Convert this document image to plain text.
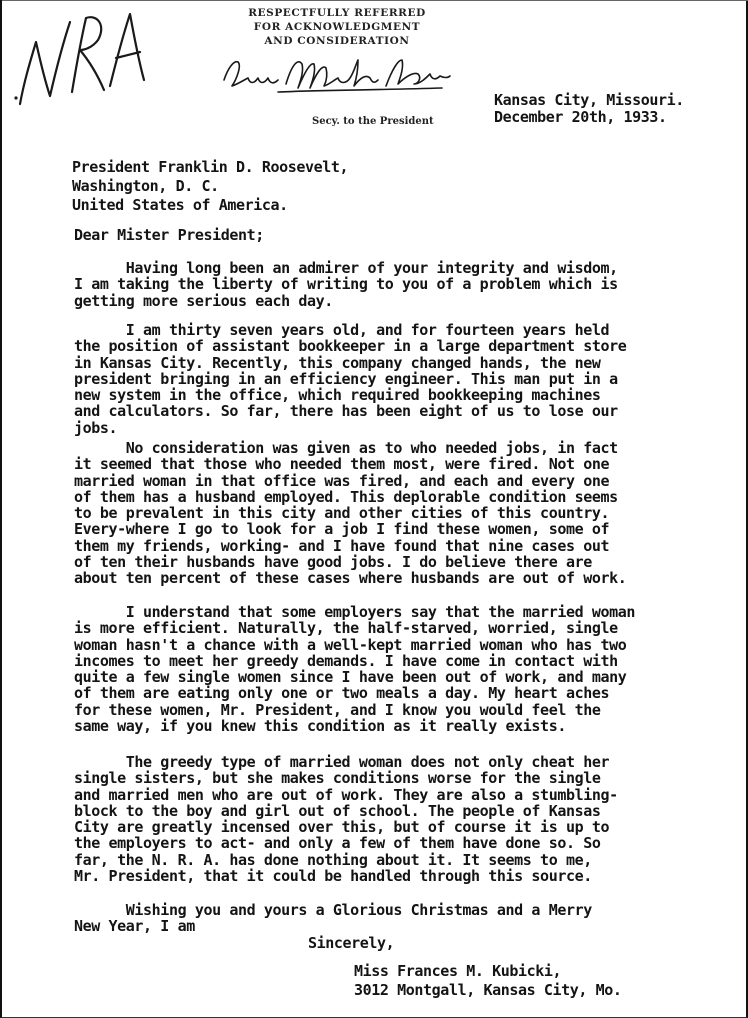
RESPECTFULLY REFERRED
FOR ACKNOWLEDGMENT
AND CONSIDERATION
Secy. to the President
Kansas City, Missouri.
December 20th, 1933.
President Franklin D. Roosevelt,
Washington, D. C.
United States of America.
Dear Mister President;
Having long been an admirer of your integrity and wisdom,
I am taking the liberty of writing to you of a problem which is
getting more serious each day.
I am thirty seven years old, and for fourteen years held
the position of assistant bookkeeper in a large department store
in Kansas City. Recently, this company changed hands, the new
president bringing in an efficiency engineer. This man put in a
new system in the office, which required bookkeeping machines
and calculators. So far, there has been eight of us to lose our
jobs.
No consideration was given as to who needed jobs, in fact
it seemed that those who needed them most, were fired. Not one
married woman in that office was fired, and each and every one
of them has a husband employed. This deplorable condition seems
to be prevalent in this city and other cities of this country.
Every-where I go to look for a job I find these women, some of
them my friends, working- and I have found that nine cases out
of ten their husbands have good jobs. I do believe there are
about ten percent of these cases where husbands are out of work.
I understand that some employers say that the married woman
is more efficient. Naturally, the half-starved, worried, single
woman hasn't a chance with a well-kept married woman who has two
incomes to meet her greedy demands. I have come in contact with
quite a few single women since I have been out of work, and many
of them are eating only one or two meals a day. My heart aches
for these women, Mr. President, and I know you would feel the
same way, if you knew this condition as it really exists.
The greedy type of married woman does not only cheat her
single sisters, but she makes conditions worse for the single
and married men who are out of work. They are also a stumbling-
block to the boy and girl out of school. The people of Kansas
City are greatly incensed over this, but of course it is up to
the employers to act- and only a few of them have done so. So
far, the N. R. A. has done nothing about it. It seems to me,
Mr. President, that it could be handled through this source.
Wishing you and yours a Glorious Christmas and a Merry
New Year, I am
Sincerely,
Miss Frances M. Kubicki,
3012 Montgall, Kansas City, Mo.
